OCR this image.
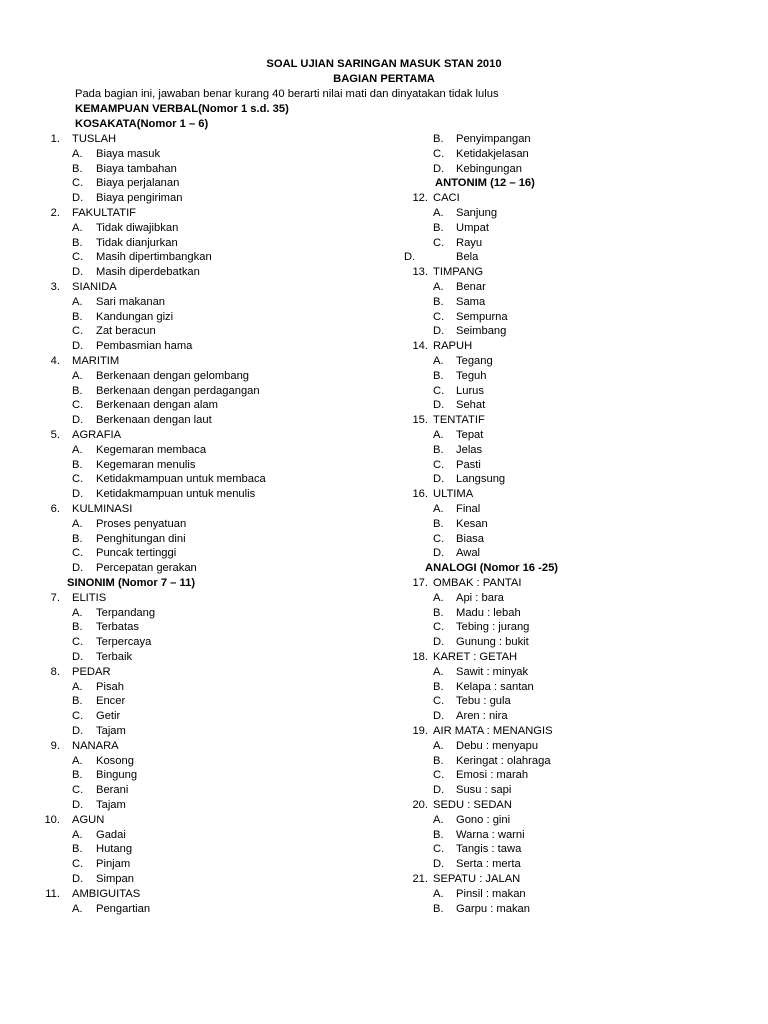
SOAL UJIAN SARINGAN MASUK STAN 2010
BAGIAN PERTAMA
Pada bagian ini, jawaban benar kurang 40 berarti nilai mati dan dinyatakan tidak lulus
KEMAMPUAN VERBAL(Nomor 1 s.d. 35)
KOSAKATA(Nomor 1 – 6)
1. TUSLAH
A. Biaya masuk
B. Biaya tambahan
C. Biaya perjalanan
D. Biaya pengiriman
2. FAKULTATIF
A. Tidak diwajibkan
B. Tidak dianjurkan
C. Masih dipertimbangkan
D. Masih diperdebatkan
3. SIANIDA
A. Sari makanan
B. Kandungan gizi
C. Zat beracun
D. Pembasmian hama
4. MARITIM
A. Berkenaan dengan gelombang
B. Berkenaan dengan perdagangan
C. Berkenaan dengan alam
D. Berkenaan dengan laut
5. AGRAFIA
A. Kegemaran membaca
B. Kegemaran menulis
C. Ketidakmampuan untuk membaca
D. Ketidakmampuan untuk menulis
6. KULMINASI
A. Proses penyatuan
B. Penghitungan dini
C. Puncak tertinggi
D. Percepatan gerakan
SINONIM (Nomor 7 – 11)
7. ELITIS
A. Terpandang
B. Terbatas
C. Terpercaya
D. Terbaik
8. PEDAR
A. Pisah
B. Encer
C. Getir
D. Tajam
9. NANARA
A. Kosong
B. Bingung
C. Berani
D. Tajam
10. AGUN
A. Gadai
B. Hutang
C. Pinjam
D. Simpan
11. AMBIGUITAS
A. Pengartian
B. Penyimpangan
C. Ketidakjelasan
D. Kebingungan
ANTONIM (12 – 16)
12. CACI
A. Sanjung
B. Umpat
C. Rayu
D.	Bela
13. TIMPANG
A. Benar
B. Sama
C. Sempurna
D. Seimbang
14. RAPUH
A. Tegang
B. Teguh
C. Lurus
D. Sehat
15. TENTATIF
A. Tepat
B. Jelas
C. Pasti
D. Langsung
16. ULTIMA
A. Final
B. Kesan
C. Biasa
D. Awal
ANALOGI (Nomor 16 -25)
17. OMBAK : PANTAI
A. Api : bara
B. Madu : lebah
C. Tebing : jurang
D. Gunung : bukit
18. KARET : GETAH
A. Sawit : minyak
B. Kelapa : santan
C. Tebu : gula
D. Aren : nira
19. AIR MATA : MENANGIS
A. Debu : menyapu
B. Keringat : olahraga
C. Emosi : marah
D. Susu : sapi
20. SEDU : SEDAN
A. Gono : gini
B. Warna : warni
C. Tangis : tawa
D. Serta : merta
21. SEPATU : JALAN
A. Pinsil : makan
B. Garpu : makan
